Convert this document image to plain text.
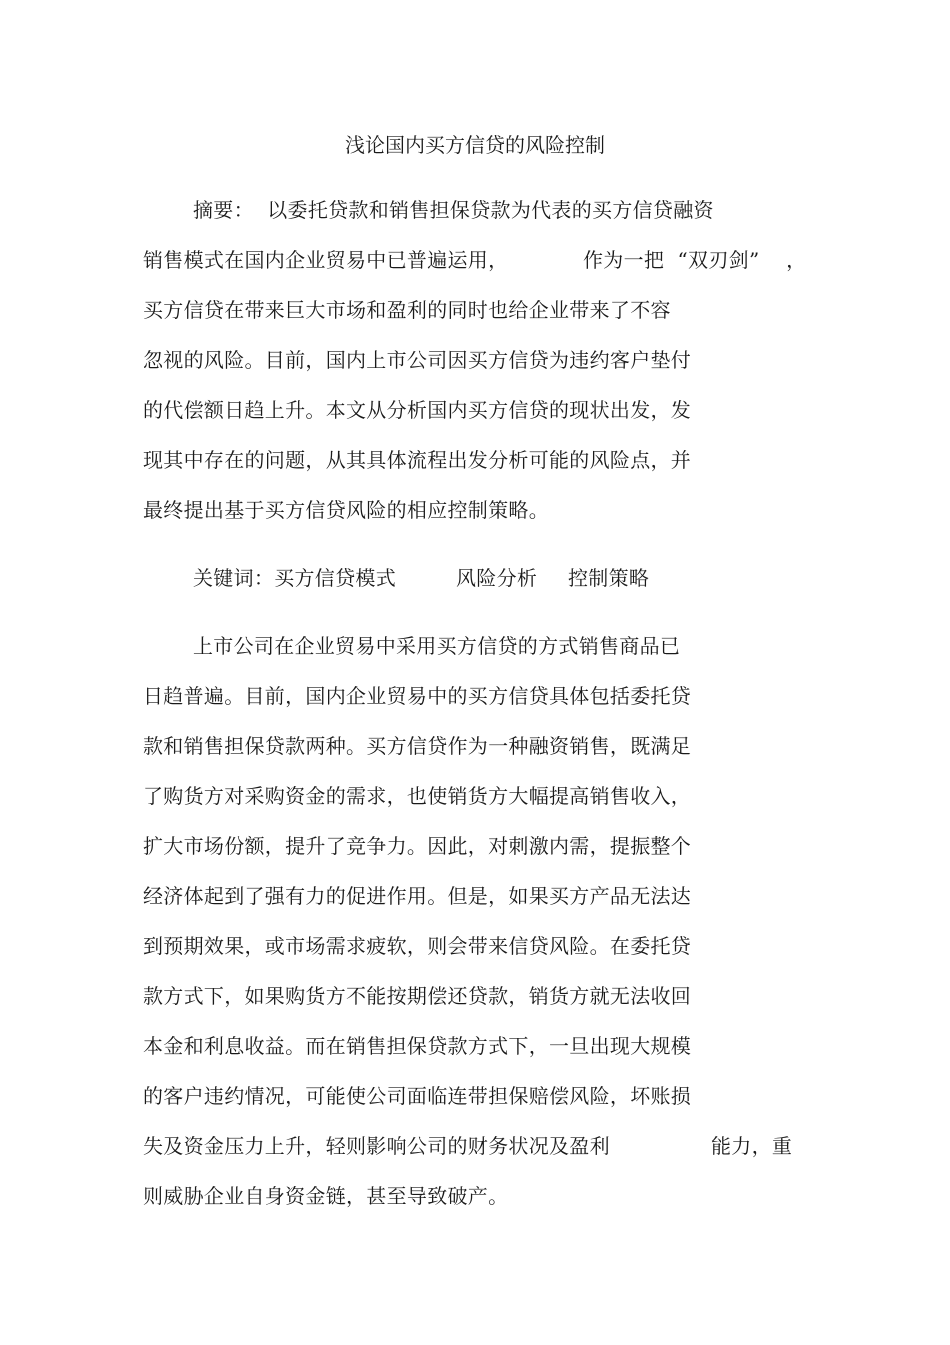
浅论国内买方信贷的风险控制
摘要：  以委托贷款和销售担保贷款为代表的买方信贷融资
销售模式在国内企业贸易中已普遍运用，	作为一把  “双刃剑”    ，
买方信贷在带来巨大市场和盈利的同时也给企业带来了不容
忽视的风险。目前，国内上市公司因买方信贷为违约客户垫付
的代偿额日趋上升。本文从分析国内买方信贷的现状出发，发
现其中存在的问题，从其具体流程出发分析可能的风险点，并
最终提出基于买方信贷风险的相应控制策略。
关键词：买方信贷模式	风险分析 控制策略
上市公司在企业贸易中采用买方信贷的方式销售商品已
日趋普遍。目前，国内企业贸易中的买方信贷具体包括委托贷
款和销售担保贷款两种。买方信贷作为一种融资销售，既满足
了购货方对采购资金的需求，也使销货方大幅提高销售收入，
扩大市场份额，提升了竞争力。因此，对刺激内需，提振整个
经济体起到了强有力的促进作用。但是，如果买方产品无法达
到预期效果，或市场需求疲软，则会带来信贷风险。在委托贷
款方式下，如果购货方不能按期偿还贷款，销货方就无法收回
本金和利息收益。而在销售担保贷款方式下，一旦出现大规模
的客户违约情况，可能使公司面临连带担保赔偿风险，坏账损
失及资金压力上升，轻则影响公司的财务状况及盈利	能力，重
则威胁企业自身资金链，甚至导致破产。
